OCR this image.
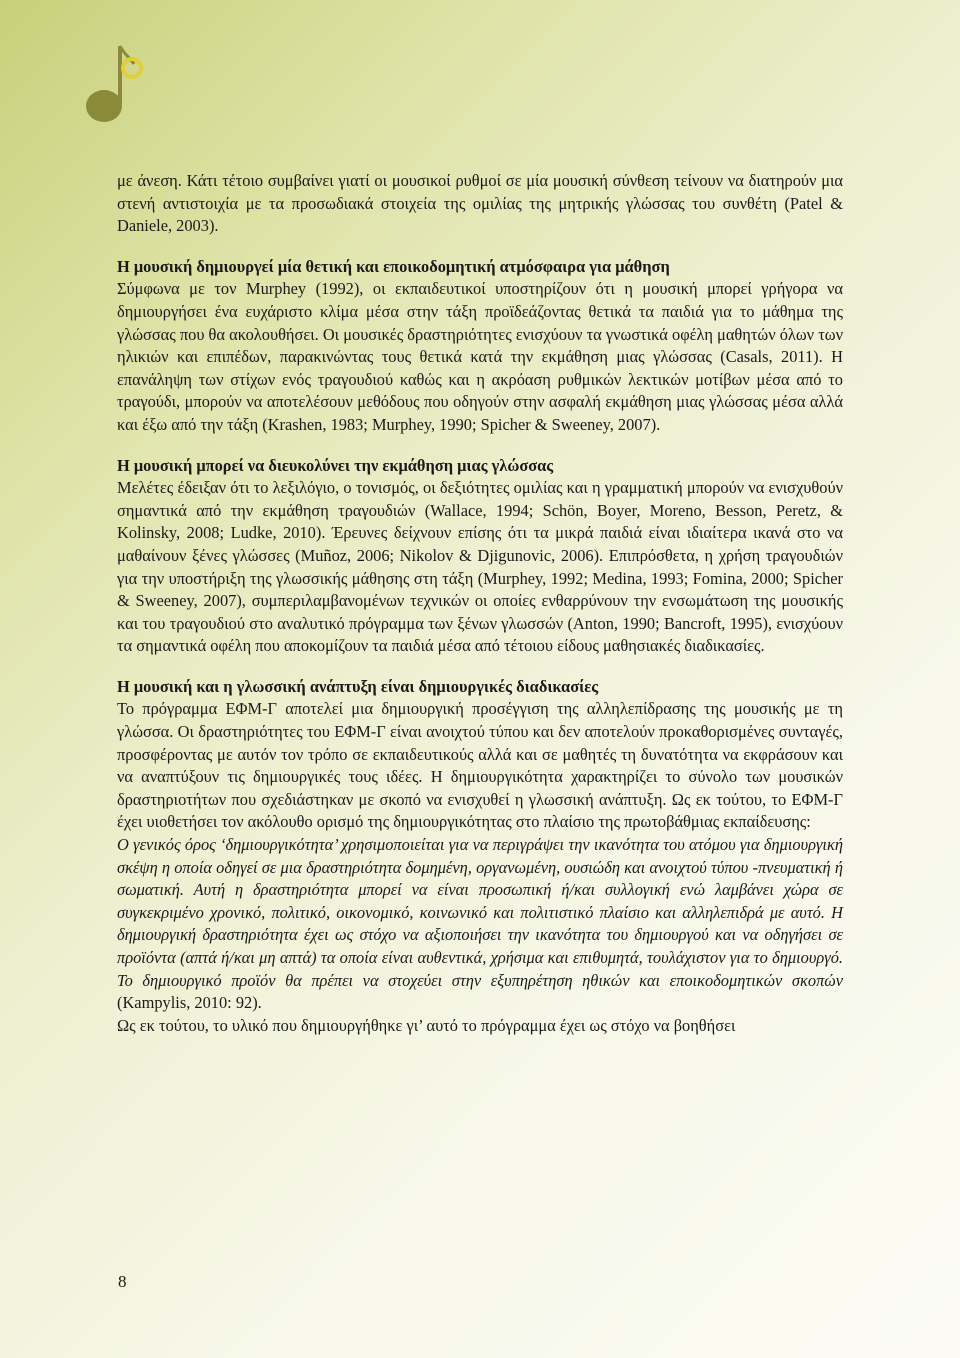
με άνεση. Κάτι τέτοιο συμβαίνει γιατί οι μουσικοί ρυθμοί σε μία μουσική σύνθεση τείνουν να διατηρούν μια στενή αντιστοιχία με τα προσωδιακά στοιχεία της ομιλίας της μητρικής γλώσσας του συνθέτη (Patel & Daniele, 2003).

Η μουσική δημιουργεί μία θετική και εποικοδομητική ατμόσφαιρα για μάθηση

Σύμφωνα με τον Murphey (1992), οι εκπαιδευτικοί υποστηρίζουν ότι η μουσική μπορεί γρήγορα να δημιουργήσει ένα ευχάριστο κλίμα μέσα στην τάξη προϊδεάζοντας θετικά τα παιδιά για το μάθημα της γλώσσας που θα ακολουθήσει. Οι μουσικές δραστηριότητες ενισχύουν τα γνωστικά οφέλη μαθητών όλων των ηλικιών και επιπέδων, παρακινώντας τους θετικά κατά την εκμάθηση μιας γλώσσας (Casals, 2011). Η επανάληψη των στίχων ενός τραγουδιού καθώς και η ακρόαση ρυθμικών λεκτικών μοτίβων μέσα από το τραγούδι, μπορούν να αποτελέσουν μεθόδους που οδηγούν στην ασφαλή εκμάθηση μιας γλώσσας μέσα αλλά και έξω από την τάξη (Krashen, 1983; Murphey, 1990; Spicher & Sweeney, 2007).

Η μουσική μπορεί να διευκολύνει την εκμάθηση μιας γλώσσας

Μελέτες έδειξαν ότι το λεξιλόγιο, ο τονισμός, οι δεξιότητες ομιλίας και η γραμματική μπορούν να ενισχυθούν σημαντικά από την εκμάθηση τραγουδιών (Wallace, 1994; Schön, Boyer, Moreno, Besson, Peretz, & Kolinsky, 2008; Ludke, 2010). Έρευνες δείχνουν επίσης ότι τα μικρά παιδιά είναι ιδιαίτερα ικανά στο να μαθαίνουν ξένες γλώσσες (Muñoz, 2006; Nikolov & Djigunovic, 2006). Επιπρόσθετα, η χρήση τραγουδιών για την υποστήριξη της γλωσσικής μάθησης στη τάξη (Murphey, 1992; Medina, 1993; Fomina, 2000; Spicher & Sweeney, 2007), συμπεριλαμβανομένων τεχνικών οι οποίες ενθαρρύνουν την ενσωμάτωση της μουσικής και του τραγουδιού στο αναλυτικό πρόγραμμα των ξένων γλωσσών (Anton, 1990; Bancroft, 1995), ενισχύουν τα σημαντικά οφέλη που αποκομίζουν τα παιδιά μέσα από τέτοιου είδους μαθησιακές διαδικασίες.

Η μουσική και η γλωσσική ανάπτυξη είναι δημιουργικές διαδικασίες

Το πρόγραμμα ΕΦΜ-Γ αποτελεί μια δημιουργική προσέγγιση της αλληλεπίδρασης της μουσικής με τη γλώσσα. Οι δραστηριότητες του ΕΦΜ-Γ είναι ανοιχτού τύπου και δεν αποτελούν προκαθορισμένες συνταγές, προσφέροντας με αυτόν τον τρόπο σε εκπαιδευτικούς αλλά και σε μαθητές τη δυνατότητα να εκφράσουν και να αναπτύξουν τις δημιουργικές τους ιδέες. Η δημιουργικότητα χαρακτηρίζει το σύνολο των μουσικών δραστηριοτήτων που σχεδιάστηκαν με σκοπό να ενισχυθεί η γλωσσική ανάπτυξη. Ως εκ τούτου, το ΕΦΜ-Γ έχει υιοθετήσει τον ακόλουθο ορισμό της δημιουργικότητας στο πλαίσιο της πρωτοβάθμιας εκπαίδευσης:

Ο γενικός όρος ‘δημιουργικότητα’ χρησιμοποιείται για να περιγράψει την ικανότητα του ατόμου για δημιουργική σκέψη η οποία οδηγεί σε μια δραστηριότητα δομημένη, οργανωμένη, ουσιώδη και ανοιχτού τύπου -πνευματική ή σωματική. Αυτή η δραστηριότητα μπορεί να είναι προσωπική ή/και συλλογική ενώ λαμβάνει χώρα σε συγκεκριμένο χρονικό, πολιτικό, οικονομικό, κοινωνικό και πολιτιστικό πλαίσιο και αλληλεπιδρά με αυτό. Η δημιουργική δραστηριότητα έχει ως στόχο να αξιοποιήσει την ικανότητα του δημιουργού και να οδηγήσει σε προϊόντα (απτά ή/και μη απτά) τα οποία είναι αυθεντικά, χρήσιμα και επιθυμητά, τουλάχιστον για το δημιουργό. Το δημιουργικό προϊόν θα πρέπει να στοχεύει στην εξυπηρέτηση ηθικών και εποικοδομητικών σκοπών (Kampylis, 2010: 92).

Ως εκ τούτου, το υλικό που δημιουργήθηκε γι’ αυτό το πρόγραμμα έχει ως στόχο να βοηθήσει

8
